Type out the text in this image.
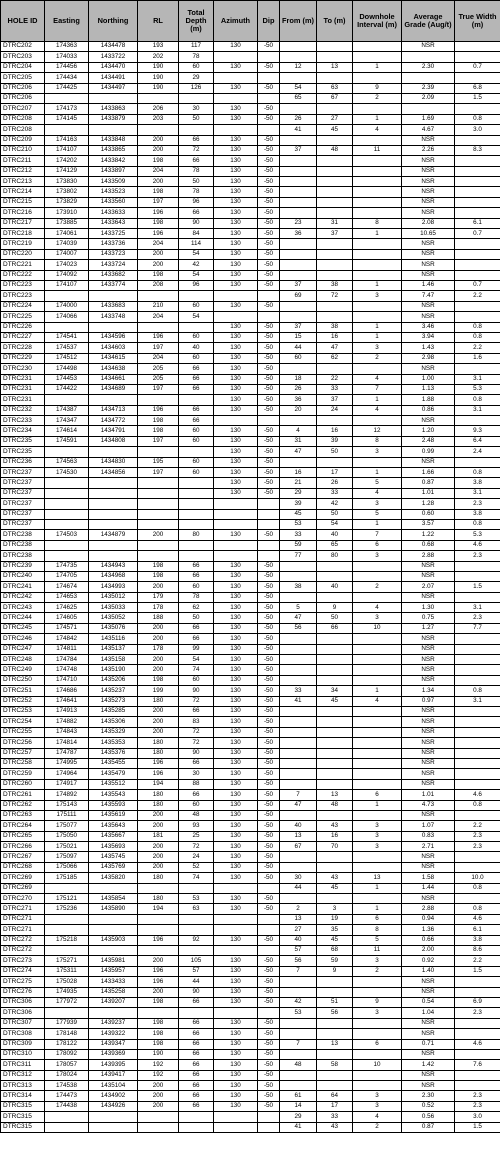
HOLE ID	Easting	Northing	RL	Total Depth (m)	Azimuth	Dip	From (m)	To (m)	Downhole Interval (m)	Average Grade (Aug/t)	True Width (m)
DTRC202	174363	1434478	193	117	130	-50				NSR	
DTRC203	174033	1433722	202	78							
DTRC204	174456	1434470	190	60	130	-50	12	13	1	2.30	0.7
DTRC205	174434	1434491	190	29							
DTRC206	174425	1434497	190	126	130	-50	54	63	9	2.39	6.8
DTRC206							65	67	2	2.09	1.5
DTRC207	174173	1433863	206	30	130	-50					
DTRC208	174145	1433879	203	50	130	-50	26	27	1	1.69	0.8
DTRC208							41	45	4	4.67	3.0
DTRC209	174163	1433848	200	66	130	-50				NSR	
DTRC210	174107	1433865	200	72	130	-50	37	48	11	2.26	8.3
DTRC211	174202	1433842	198	66	130	-50				NSR	
DTRC212	174129	1433897	204	78	130	-50				NSR	
DTRC213	173830	1433509	200	50	130	-50				NSR	
DTRC214	173802	1433523	198	78	130	-50				NSR	
DTRC215	173829	1433560	197	96	130	-50				NSR	
DTRC216	173910	1433633	196	66	130	-50				NSR	
DTRC217	173885	1433643	198	90	130	-50	23	31	8	2.08	6.1
DTRC218	174061	1433725	196	84	130	-50	36	37	1	10.65	0.7
DTRC219	174039	1433736	204	114	130	-50				NSR	
DTRC220	174007	1433723	200	54	130	-50				NSR	
DTRC221	174023	1433724	200	42	130	-50				NSR	
DTRC222	174092	1433682	198	54	130	-50				NSR	
DTRC223	174107	1433774	208	96	130	-50	37	38	1	1.46	0.7
DTRC223							69	72	3	7.47	2.2
DTRC224	174000	1433683	210	60	130	-50				NSR	
DTRC225	174066	1433748	204	54						NSR	
DTRC226					130	-50	37	38	1	3.46	0.8
DTRC227	174541	1434596	196	60	130	-50	15	16	1	3.94	0.8
DTRC228	174537	1434603	197	40	130	-50	44	47	3	1.43	2.2
DTRC229	174512	1434615	204	60	130	-50	60	62	2	2.98	1.6
DTRC230	174498	1434638	205	66	130	-50				NSR	
DTRC231	174453	1434661	205	66	130	-50	18	22	4	1.00	3.1
DTRC231	174422	1434689	197	66	130	-50	26	33	7	1.13	5.3
DTRC231					130	-50	36	37	1	1.88	0.8
DTRC232	174387	1434713	196	66	130	-50	20	24	4	0.86	3.1
DTRC233	174347	1434772	198	66						NSR	
DTRC234	174614	1434791	198	60	130	-50	4	16	12	1.20	9.3
DTRC235	174591	1434808	197	60	130	-50	31	39	8	2.48	6.4
DTRC235					130	-50	47	50	3	0.99	2.4
DTRC236	174563	1434830	195	60	130	-50				NSR	
DTRC237	174530	1434856	197	60	130	-50	16	17	1	1.66	0.8
DTRC237					130	-50	21	26	5	0.87	3.8
DTRC237					130	-50	29	33	4	1.01	3.1
DTRC237							39	42	3	1.28	2.3
DTRC237							45	50	5	0.60	3.8
DTRC237							53	54	1	3.57	0.8
DTRC238	174503	1434879	200	80	130	-50	33	40	7	1.22	5.3
DTRC238							59	65	6	0.68	4.6
DTRC238							77	80	3	2.88	2.3
DTRC239	174735	1434943	198	66	130	-50				NSR	
DTRC240	174705	1434968	198	66	130	-50				NSR	
DTRC241	174674	1434993	200	60	130	-50	38	40	2	2.07	1.5
DTRC242	174653	1435012	179	78	130	-50				NSR	
DTRC243	174625	1435033	178	62	130	-50	5	9	4	1.30	3.1
DTRC244	174605	1435052	188	50	130	-50	47	50	3	0.75	2.3
DTRC245	174571	1435076	200	66	130	-50	56	66	10	1.27	7.7
DTRC246	174842	1435116	200	66	130	-50				NSR	
DTRC247	174811	1435137	178	99	130	-50				NSR	
DTRC248	174784	1435158	200	54	130	-50				NSR	
DTRC249	174748	1435190	200	74	130	-50				NSR	
DTRC250	174710	1435206	198	60	130	-50				NSR	
DTRC251	174686	1435237	199	90	130	-50	33	34	1	1.34	0.8
DTRC252	174641	1435273	180	72	130	-50	41	45	4	0.97	3.1
DTRC253	174913	1435285	200	66	130	-50				NSR	
DTRC254	174882	1435306	200	83	130	-50				NSR	
DTRC255	174843	1435329	200	72	130	-50				NSR	
DTRC256	174814	1435353	180	72	130	-50				NSR	
DTRC257	174787	1435376	180	90	130	-50				NSR	
DTRC258	174995	1435455	196	66	130	-50				NSR	
DTRC259	174964	1435479	196	30	130	-50				NSR	
DTRC260	174917	1435512	194	88	130	-50				NSR	
DTRC261	174892	1435543	180	66	130	-50	7	13	6	1.01	4.6
DTRC262	175143	1435593	180	60	130	-50	47	48	1	4.73	0.8
DTRC263	175111	1435619	200	48	130	-50				NSR	
DTRC264	175077	1435643	200	93	130	-50	40	43	3	1.07	2.2
DTRC265	175050	1435667	181	25	130	-50	13	16	3	0.83	2.3
DTRC266	175021	1435693	200	72	130	-50	67	70	3	2.71	2.3
DTRC267	175097	1435745	200	24	130	-50				NSR	
DTRC268	175066	1435769	200	52	130	-50				NSR	
DTRC269	175185	1435820	180	74	130	-50	30	43	13	1.58	10.0
DTRC269							44	45	1	1.44	0.8
DTRC270	175121	1435854	180	53	130	-50				NSR	
DTRC271	175236	1435890	194	63	130	-50	2	3	1	2.88	0.8
DTRC271							13	19	6	0.94	4.6
DTRC271							27	35	8	1.36	6.1
DTRC272	175218	1435903	196	92	130	-50	40	45	5	0.66	3.8
DTRC272							57	68	11	2.00	8.6
DTRC273	175271	1435981	200	105	130	-50	56	59	3	0.92	2.2
DTRC274	175311	1435957	196	57	130	-50	7	9	2	1.40	1.5
DTRC275	175028	1433433	196	44	130	-50				NSR	
DTRC276	174935	1435258	200	90	130	-50				NSR	
DTRC306	177972	1439207	198	66	130	-50	42	51	9	0.54	6.9
DTRC306							53	56	3	1.04	2.3
DTRC307	177939	1439237	198	66	130	-50				NSR	
DTRC308	178148	1439322	198	66	130	-50				NSR	
DTRC309	178122	1439347	198	66	130	-50	7	13	6	0.71	4.6
DTRC310	178092	1439369	190	66	130	-50				NSR	
DTRC311	178057	1439395	192	66	130	-50	48	58	10	1.42	7.6
DTRC312	178024	1439417	192	66	130	-50				NSR	
DTRC313	174538	1435104	200	66	130	-50				NSR	
DTRC314	174473	1434902	200	66	130	-50	61	64	3	2.30	2.3
DTRC315	174438	1434926	200	66	130	-50	14	17	3	0.52	2.3
DTRC315							29	33	4	0.56	3.0
DTRC315							41	43	2	0.87	1.5
